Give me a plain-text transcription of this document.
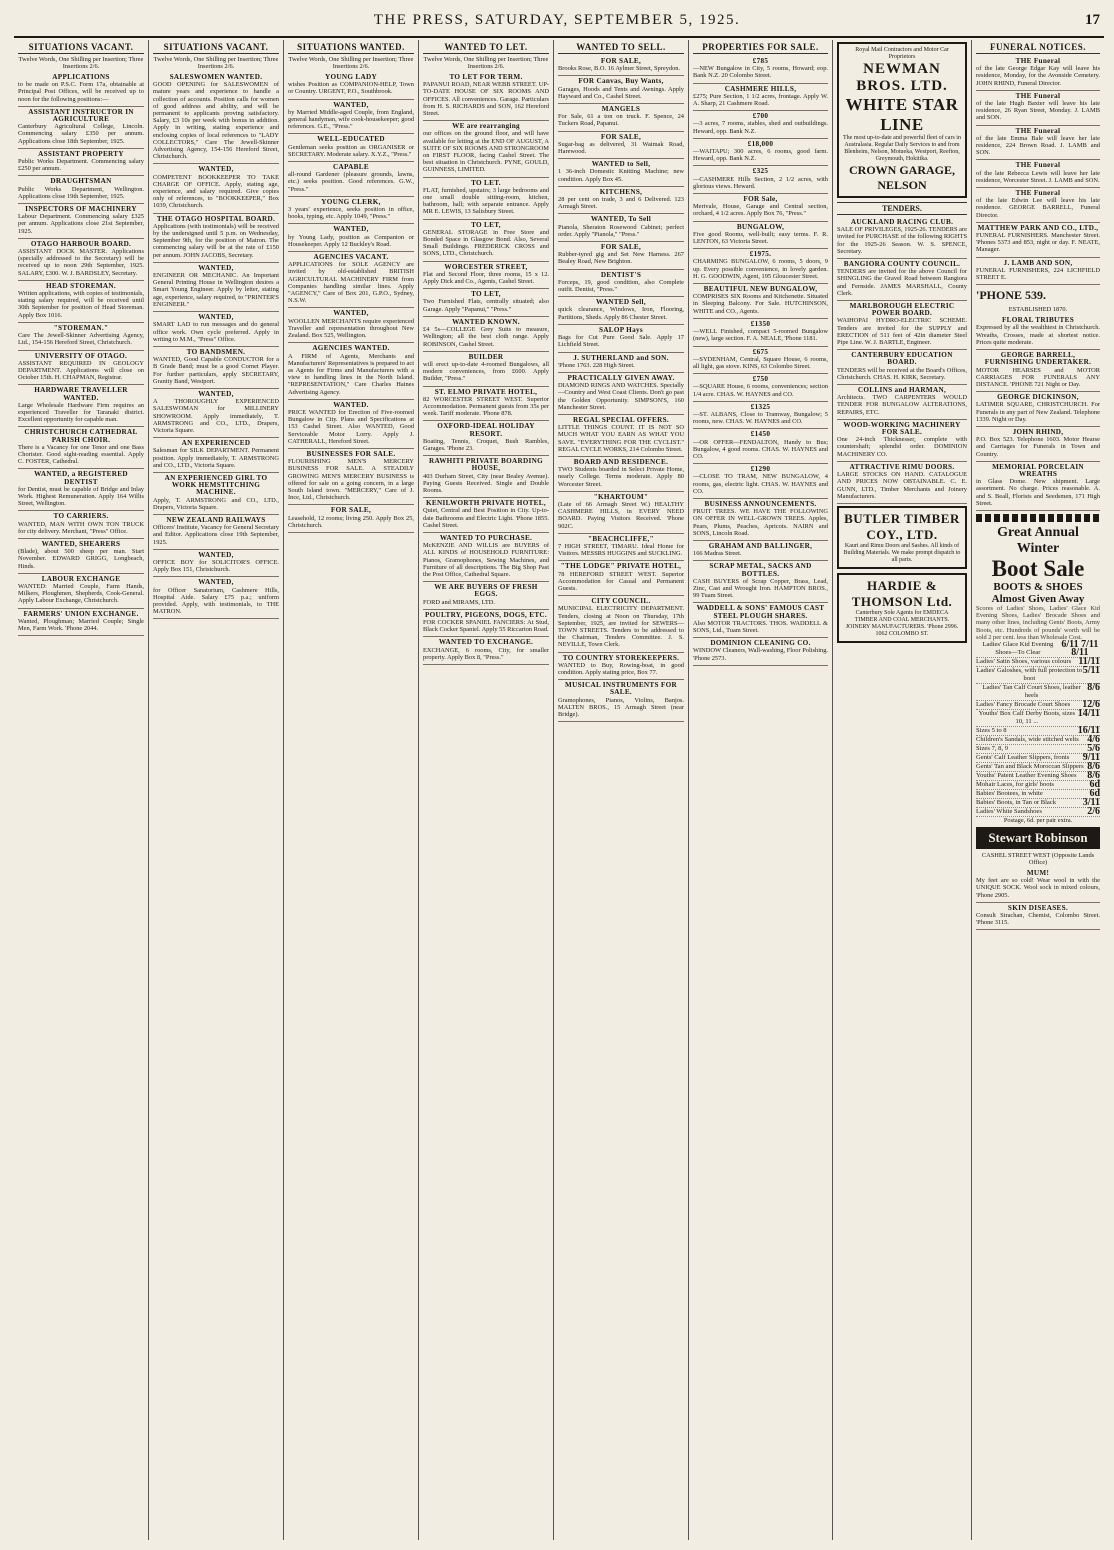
THE PRESS, SATURDAY, SEPTEMBER 5, 1925.	17
SITUATIONS VACANT.
Twelve Words, One Shilling per Insertion; Three Insertions 2/6.
APPLICATIONS
to be made on P.S.C. Form 17a, obtainable at Principal Post Offices, will be received up to noon for the following positions:—
ASSISTANT INSTRUCTOR IN AGRICULTURE
Canterbury Agricultural College, Lincoln. Commencing salary £350 per annum. Applications close 18th September, 1925.
ASSISTANT PROPERTY
Public Works Department. Commencing salary £250 per annum.
DRAUGHTSMAN
Public Works Department, Wellington. Applications close 19th September, 1925.
INSPECTORS OF MACHINERY
Labour Department. Commencing salary £325 per annum. Applications close 21st September, 1925.
OTAGO HARBOUR BOARD.
ASSISTANT DOCK MASTER. Applications (specially addressed to the Secretary) will be received up to noon 29th September, 1925. SALARY, £300. W. J. BARDSLEY, Secretary.
HEAD STOREMAN.
Written applications, with copies of testimonials, stating salary required, will be received until 30th September for position of Head Storeman. Apply Box 1016.
"STOREMAN."
Care The Jewell-Skinner Advertising Agency, Ltd., 154-156 Hereford Street, Christchurch.
UNIVERSITY OF OTAGO.
ASSISTANT REQUIRED IN GEOLOGY DEPARTMENT. Applications will close on October 15th. H. CHAPMAN, Registrar.
HARDWARE TRAVELLER WANTED.
Large Wholesale Hardware Firm requires an experienced Traveller for Taranaki district. Excellent opportunity for capable man.
CHRISTCHURCH CATHEDRAL PARISH CHOIR.
There is a Vacancy for one Tenor and one Bass Chorister. Good sight-reading essential. Apply C. FOSTER, Cathedral.
WANTED, a REGISTERED DENTIST
for Dentist, must be capable of Bridge and Inlay Work. Highest Remuneration. Apply 164 Willis Street, Wellington.
TO CARRIERS.
WANTED, MAN WITH OWN TON TRUCK for city delivery. Merchant, "Press" Office.
WANTED, SHEARERS
(Blade), about 500 sheep per man. Start November. EDWARD GRIGG, Longbeach, Hinds.
LABOUR EXCHANGE
WANTED: Married Couple, Farm Hands, Milkers, Ploughmen, Shepherds, Cook-General. Apply Labour Exchange, Christchurch.
FARMERS' UNION EXCHANGE.
Wanted, Ploughman; Married Couple; Single Men, Farm Work. 'Phone 2044.
SITUATIONS VACANT.
Twelve Words, One Shilling per Insertion; Three Insertions 2/6.
SALESWOMEN WANTED.
GOOD OPENING for SALESWOMEN of mature years and experience to handle a collection of accounts. Position calls for women of good address and ability, and will be permanent to applicants proving satisfactory. Salary, £3 10s per week with bonus in addition. Apply in writing, stating experience and enclosing copies of local references to "LADY COLLECTORS," Care The Jewell-Skinner Advertising Agency, 154-156 Hereford Street, Christchurch.
WANTED,
COMPETENT BOOKKEEPER TO TAKE CHARGE OF OFFICE. Apply, stating age, experience, and salary required. Give copies only of references, to "BOOKKEEPER," Box 1039, Christchurch.
THE OTAGO HOSPITAL BOARD.
Applications (with testimonials) will be received by the undersigned until 5 p.m. on Wednesday, September 9th, for the position of Matron. The commencing salary will be at the rate of £150 per annum. JOHN JACOBS, Secretary.
WANTED,
ENGINEER OR MECHANIC. An Important General Printing House in Wellington desires a Smart Young Engineer. Apply by letter, stating age, experience, salary required, to "PRINTER'S ENGINEER."
WANTED,
SMART LAD to run messages and do general office work. Own cycle preferred. Apply in writing to M.M., "Press" Office.
TO BANDSMEN.
WANTED, Good Capable CONDUCTOR for a B Grade Band; must be a good Cornet Player. For further particulars, apply SECRETARY, Granity Band, Westport.
WANTED,
A THOROUGHLY EXPERIENCED SALESWOMAN for MILLINERY SHOWROOM. Apply immediately, T. ARMSTRONG and CO., LTD., Drapers, Victoria Square.
AN EXPERIENCED
Salesman for SILK DEPARTMENT. Permanent position. Apply immediately, T. ARMSTRONG and CO., LTD., Victoria Square.
AN EXPERIENCED GIRL TO WORK HEMSTITCHING MACHINE.
Apply, T. ARMSTRONG and CO., LTD., Drapers, Victoria Square.
NEW ZEALAND RAILWAYS
Officers' Institute, Vacancy for General Secretary and Editor. Applications close 19th September, 1925.
WANTED,
OFFICE BOY for SOLICITOR'S OFFICE. Apply Box 151, Christchurch.
WANTED,
for Officer Sanatorium, Cashmere Hills, Hospital Aide. Salary £75 p.a.; uniform provided. Apply, with testimonials, to THE MATRON.
SITUATIONS WANTED.
Twelve Words, One Shilling per Insertion; Three Insertions 2/6.
YOUNG LADY
wishes Position as COMPANION-HELP, Town or Country. URGENT, P.O., Southbrook.
WANTED,
by Married Middle-aged Couple, from England, general handyman, wife cook-housekeeper; good references. G.E., "Press."
WELL-EDUCATED
Gentleman seeks position as ORGANISER or SECRETARY. Moderate salary. X.Y.Z., "Press."
CAPABLE
all-round Gardener (pleasure grounds, lawns, etc.) seeks position. Good references. G.W., "Press."
YOUNG CLERK,
3 years' experience, seeks position in office, books, typing, etc. Apply 1049, "Press."
WANTED,
by Young Lady, position as Companion or Housekeeper. Apply 12 Buckley's Road.
AGENCIES VACANT.
APPLICATIONS for SOLE AGENCY are invited by old-established BRITISH AGRICULTURAL MACHINERY FIRM from Companies handling similar lines. Apply "AGENCY," Care of Box 201, G.P.O., Sydney, N.S.W.
WANTED,
WOOLLEN MERCHANTS require experienced Traveller and representation throughout New Zealand. Box 525, Wellington.
AGENCIES WANTED.
A FIRM of Agents, Merchants and Manufacturers' Representatives is prepared to act as Agents for Firms and Manufacturers with a view to handling lines in the North Island. "REPRESENTATION," Care Charles Haines Advertising Agency.
WANTED.
PRICE WANTED for Erection of Five-roomed Bungalow in City. Plans and Specifications at 153 Cashel Street. Also WANTED, Good Serviceable Motor Lorry. Apply J. CATHERALL, Hereford Street.
BUSINESSES FOR SALE.
FLOURISHING MEN'S MERCERY BUSINESS FOR SALE. A STEADILY GROWING MEN'S MERCERY BUSINESS is offered for sale on a going concern, in a large South Island town. "MERCERY," Care of J. Ince, Ltd., Christchurch.
FOR SALE,
Leasehold, 12 rooms; living 250. Apply Box 25, Christchurch.
WANTED TO LET.
Twelve Words, One Shilling per Insertion; Three Insertions 2/6.
TO LET FOR TERM.
PAPANUI ROAD, NEAR WEBB STREET. UP-TO-DATE HOUSE OF SIX ROOMS AND OFFICES. All conveniences. Garage. Particulars from H. S. RICHARDS and SON, 162 Hereford Street.
WE are rearranging
our offices on the ground floor, and will have available for letting at the END OF AUGUST, A SUITE OF SIX ROOMS AND STRONGROOM on FIRST FLOOR, facing Cashel Street. The best situation in Christchurch. PYNE, GOULD, GUINNESS, LIMITED.
TO LET.
FLAT, furnished, upstairs; 3 large bedrooms and one small double sitting-room, kitchen, bathroom, hall; with separate entrance. Apply MR E. LEWIS, 13 Salisbury Street.
TO LET,
GENERAL STORAGE in Free Store and Bonded Space in Glasgow Bond. Also, Several Small Buildings. FREDERICK CROSS and SONS, LTD., Christchurch.
WORCESTER STREET,
Flat and Second Floor, three rooms, 15 x 12. Apply Dick and Co., Agents, Cashel Street.
TO LET,
Two Furnished Flats, centrally situated; also Garage. Apply "Papanui," "Press."
WANTED KNOWN.
£4 5s—COLLEGE Grey Suits to measure, Wellington; all the best cloth range. Apply ROBINSON, Cashel Street.
BUILDER
will erect up-to-date 4-roomed Bungalows, all modern conveniences, from £600. Apply Builder, "Press."
ST. ELMO PRIVATE HOTEL,
82 WORCESTER STREET WEST. Superior Accommodation. Permanent guests from 35s per week. Tariff moderate. 'Phone 878.
OXFORD-IDEAL HOLIDAY RESORT.
Boating, Tennis, Croquet, Bush Rambles, Garages. 'Phone 23.
RAWHITI PRIVATE BOARDING HOUSE,
403 Durham Street, City (near Bealey Avenue). Paying Guests Received. Single and Double Rooms.
KENILWORTH PRIVATE HOTEL,
Quiet, Central and Best Position in City. Up-to-date Bathrooms and Electric Light. 'Phone 1855. Cashel Street.
WANTED TO PURCHASE.
McKENZIE AND WILLIS are BUYERS of ALL KINDS of HOUSEHOLD FURNITURE: Pianos, Gramophones, Sewing Machines, and Furniture of all descriptions. The Big Shop Past the Post Office, Cathedral Square.
WE ARE BUYERS OF FRESH EGGS.
FORD and MIRAMS, LTD.
POULTRY, PIGEONS, DOGS, ETC.
FOR COCKER SPANIEL FANCIERS: At Stud, Black Cocker Spaniel. Apply 55 Riccarton Road.
WANTED TO EXCHANGE.
EXCHANGE, 6 rooms, City, for smaller property. Apply Box 8, "Press."
WANTED TO SELL.
FOR SALE,
Brooks Rose, B.O. 16 Aylmer Street, Spreydon.
FOR Canvas, Buy Wants,
Garages, Hoods and Tents and Awnings. Apply Hayward and Co., Cashel Street.
MANGELS
For Sale, 61 a ton on truck. F. Spence, 24 Tuckers Road, Papanui.
FOR SALE,
Sugar-bag as delivered, 31 Waimak Road, Harewood.
WANTED to Sell,
1 36-inch Domestic Knitting Machine; new condition. Apply Box 45.
KITCHENS,
28 per cent on trade, 3 and 6 Delivered. 123 Armagh Street.
WANTED, To Sell
Pianola, Sheraton Rosewood Cabinet; perfect order. Apply "Pianola," "Press."
FOR SALE,
Rubber-tyred gig and Set New Harness. 267 Bealey Road, New Brighton.
DENTIST'S
Forceps, 19, good condition, also Complete outfit. Dentist, "Press."
WANTED Sell,
quick clearance, Windows, Iron, Flooring, Partitions, Sheds. Apply 86 Chester Street.
SALOP Hays
Bags for Cut Pure Good Sale. Apply 17 Lichfield Street.
J. SUTHERLAND and SON.
'Phone 1763. 228 High Street.
PRACTICALLY GIVEN AWAY.
DIAMOND RINGS AND WATCHES. Specially—Country and West Coast Clients. Don't go past the Golden Opportunity. SIMPSON'S, 160 Manchester Street.
REGAL SPECIAL OFFERS.
LITTLE THINGS COUNT. IT IS NOT SO MUCH WHAT YOU EARN AS WHAT YOU SAVE. "EVERYTHING FOR THE CYCLIST." REGAL CYCLE WORKS, 214 Colombo Street.
BOARD AND RESIDENCE.
TWO Students boarded in Select Private Home, nearly College. Terms moderate. Apply 80 Worcester Street.
"KHARTOUM"
(Late of 66 Armagh Street W.) HEALTHY CASHMERE HILLS, in EVERY NEED BOARD. Paying Visitors Received. 'Phone 902C.
"BEACHCLIFFE,"
7 HIGH STREET, TIMARU. Ideal Home for Visitors. MESSRS HUGGINS and SUCKLING.
"THE LODGE" PRIVATE HOTEL,
78 HEREFORD STREET WEST. Superior Accommodation for Casual and Permanent Guests.
CITY COUNCIL.
MUNICIPAL ELECTRICITY DEPARTMENT. Tenders, closing at Noon on Thursday, 17th September, 1925, are invited for SEWERS—TOWN STREETS. Tenders to be addressed to the Chairman, Tenders Committee. J. S. NEVILLE, Town Clerk.
TO COUNTRY STOREKEEPERS.
WANTED to Buy, Rowing-boat, in good condition. Apply stating price, Box 77.
MUSICAL INSTRUMENTS FOR SALE.
Gramophones, Pianos, Violins, Banjos. MALTEN BROS., 15 Armagh Street (near Bridge).
PROPERTIES FOR SALE.
£785
—NEW Bungalow in City, 5 rooms, Howard; eop. Bank N.Z. 20 Colombo Street.
CASHMERE HILLS,
£275; Pure Section, 1 1/2 acres, frontage. Apply W. A. Sharp, 21 Cashmere Road.
£700
—3 acres, 7 rooms, stables, shed and outbuildings. Heward, opp. Bank N.Z.
£18,000
—WAITAPU; 300 acres, 6 rooms, good farm. Heward, opp. Bank N.Z.
£325
—CASHMERE Hills Section, 2 1/2 acres, with glorious views. Heward.
FOR Sale,
Merivale, House, Garage and Central section, orchard, 4 1/2 acres. Apply Box 76, "Press."
BUNGALOW,
Five good Rooms, well-built; easy terms. F. R. LENTON, 63 Victoria Street.
£1975.
CHARMING BUNGALOW, 6 rooms, 5 doors, 9 up. Every possible convenience, in lovely garden. H. G. GOODWIN, Agent, 195 Gloucester Street.
BEAUTIFUL NEW BUNGALOW,
COMPRISES SIX Rooms and Kitchenette. Situated in Sleeping Balcony. For Sale. HUTCHINSON, WHITE and CO., Agents.
£1350
—WELL Finished, compact 5-roomed Bungalow (new), large section. F. A. NEALE, 'Phone 1181.
£675
—SYDENHAM, Central, Square House, 6 rooms, all light, gas stove. KINS, 63 Colombo Street.
£750
—SQUARE House, 6 rooms, conveniences; section 1/4 acre. CHAS. W. HAYNES and CO.
£1325
—ST. ALBANS, Close to Tramway, Bungalow; 5 rooms, new. CHAS. W. HAYNES and CO.
£1450
—OR OFFER—FENDALTON, Handy to Bus; Bungalow, 4 good rooms. CHAS. W. HAYNES and CO.
£1290
—CLOSE TO TRAM, NEW BUNGALOW, 4 rooms, gas, electric light. CHAS. W. HAYNES and CO.
BUSINESS ANNOUNCEMENTS.
FRUIT TREES. WE HAVE THE FOLLOWING ON OFFER IN WELL-GROWN TREES. Apples, Pears, Plums, Peaches, Apricots. NAIRN and SONS, Lincoln Road.
GRAHAM AND BALLINGER,
166 Madras Street.
SCRAP METAL, SACKS AND BOTTLES.
CASH BUYERS of Scrap Copper, Brass, Lead, Zinc, Cast and Wrought Iron. HAMPTON BROS., 99 Tuam Street.
WADDELL & SONS' FAMOUS CAST STEEL PLOUGH SHARES.
Also MOTOR TRACTORS. THOS. WADDELL & SONS, Ltd., Tuam Street.
DOMINION CLEANING CO.
WINDOW Cleaners, Wall-washing, Floor Polishing. 'Phone 2573.
Royal Mail Contractors and Motor Car Proprietors
NEWMAN BROS. LTD.
WHITE STAR LINE
The most up-to-date and powerful fleet of cars in Australasia. Regular Daily Services to and from Blenheim, Nelson, Motueka, Westport, Reefton, Greymouth, Hokitika.
CROWN GARAGE, NELSON
TENDERS.
AUCKLAND RACING CLUB.
SALE OF PRIVILEGES, 1925-26. TENDERS are invited for PURCHASE of the following RIGHTS for the 1925-26 Season. W. S. SPENCE, Secretary.
BANGIORA COUNTY COUNCIL.
TENDERS are invited for the above Council for SHINGLING the Gravel Road between Rangiora and Fernside. JAMES MARSHALL, County Clerk.
MARLBOROUGH ELECTRIC POWER BOARD.
WAIHOPAI HYDRO-ELECTRIC SCHEME. Tenders are invited for the SUPPLY and ERECTION of 511 feet of 42in diameter Steel Pipe Line. W. J. BARTLE, Engineer.
CANTERBURY EDUCATION BOARD.
TENDERS will be received at the Board's Offices, Christchurch. CHAS. H. KIRK, Secretary.
COLLINS and HARMAN,
Architects. TWO CARPENTERS WOULD TENDER FOR BUNGALOW ALTERATIONS, REPAIRS, ETC.
WOOD-WORKING MACHINERY FOR SALE.
One 24-inch Thicknesser, complete with countershaft; splendid order. DOMINION MACHINERY CO.
ATTRACTIVE RIMU DOORS.
LARGE STOCKS ON HAND. CATALOGUE AND PRICES NOW OBTAINABLE. C. E. GUNN, LTD., Timber Merchants and Joinery Manufacturers.
BUTLER TIMBER COY., LTD.
Kauri and Rimu Doors and Sashes. All kinds of Building Materials. We make prompt dispatch to all parts.
HARDIE & THOMSON Ltd.
Canterbury Sole Agents for EMDECA
TIMBER AND COAL MERCHANTS. JOINERY MANUFACTURERS. 'Phone 2996. 1062 COLOMBO ST.
FUNERAL NOTICES.
THE Funeral
of the late George Edgar Kay will leave his residence, Monday, for the Avonside Cemetery. JOHN RHIND, Funeral Director.
THE Funeral
of the late Hugh Baxter will leave his late residence, 26 Ryan Street, Monday. J. LAMB and SON.
THE Funeral
of the late Emma Bale will leave her late residence, 224 Brown Road. J. LAMB and SON.
THE Funeral
of the late Rebecca Lewis will leave her late residence, Worcester Street. J. LAMB and SON.
THE Funeral
of the late Edwin Lee will leave his late residence. GEORGE BARRELL, Funeral Director.
MATTHEW PARK AND CO., LTD.,
FUNERAL FURNISHERS. Manchester Street. 'Phones 5373 and 853, night or day. F. NEATE, Manager.
J. LAMB AND SON,
FUNERAL FURNISHERS, 224 LICHFIELD STREET E.
'PHONE 539.
ESTABLISHED 1870.
FLORAL TRIBUTES
Expressed by all the wealthiest in Christchurch. Wreaths, Crosses, made at shortest notice. Prices quite moderate.
GEORGE BARRELL, FURNISHING UNDERTAKER.
MOTOR HEARSES and MOTOR CARRIAGES FOR FUNERALS ANY DISTANCE. 'PHONE 721 Night or Day.
GEORGE DICKINSON,
LATIMER SQUARE, CHRISTCHURCH. For Funerals in any part of New Zealand. Telephone 1339. Night or Day.
JOHN RHIND,
P.O. Box 523. Telephone 1603. Motor Hearse and Carriages for Funerals in Town and Country.
MEMORIAL PORCELAIN WREATHS
in Glass Dome. New shipment. Large assortment. No charge. Prices reasonable. A. and S. Beall, Florists and Seedsmen, 171 High Street.
Great Annual
Winter
Boot Sale
BOOTS & SHOES
Almost Given Away
Scores of Ladies' Shoes, Ladies' Glace Kid Evening Shoes, Ladies' Brocade Shoes and many other lines, including Gents' Boots, Army Boots, etc. Hundreds of pounds' worth will be sold 2 per cent. less than Wholesale Cost.
Ladies' Glace Kid Evening Shoes—To Clear
6/11 7/11 8/11
Ladies' Satin Shoes, various colours 11/11
Ladies' Galoshes, with full protection to boot
5/11
Ladies' Tan Calf Court Shoes, leather heels
8/6
Ladies' Fancy Brocade Court Shoes 12/6
Youths' Box Calf Derby Boots, sizes 10, 11 ...
14/11
Sizes 5 to 8	16/11
Children's Sandals, wide stitched welts 4/6
Sizes 7, 8, 9	5/6
Gents' Calf Leather Slippers, fronts 9/11
Gents' Tan and Black Moroccan Slippers 8/6
Youths' Patent Leather Evening Shoes 8/6
Mohair Laces, for girls' boots	6d
Babies' Bootees, in white	6d
Babies' Boots, in Tan or Black	3/11
Ladies' White Sandshoes	2/6
Postage, 6d. per pair extra.
Stewart Robinson
CASHEL STREET WEST (Opposite Lands Office)
MUM!
My feet are so cold! Wear wool in with the UNIQUE SOCK. Wool sock in mixed colours, 'Phone 2905.
SKIN DISEASES.
Consult Strachan, Chemist, Colombo Street. 'Phone 3115.
